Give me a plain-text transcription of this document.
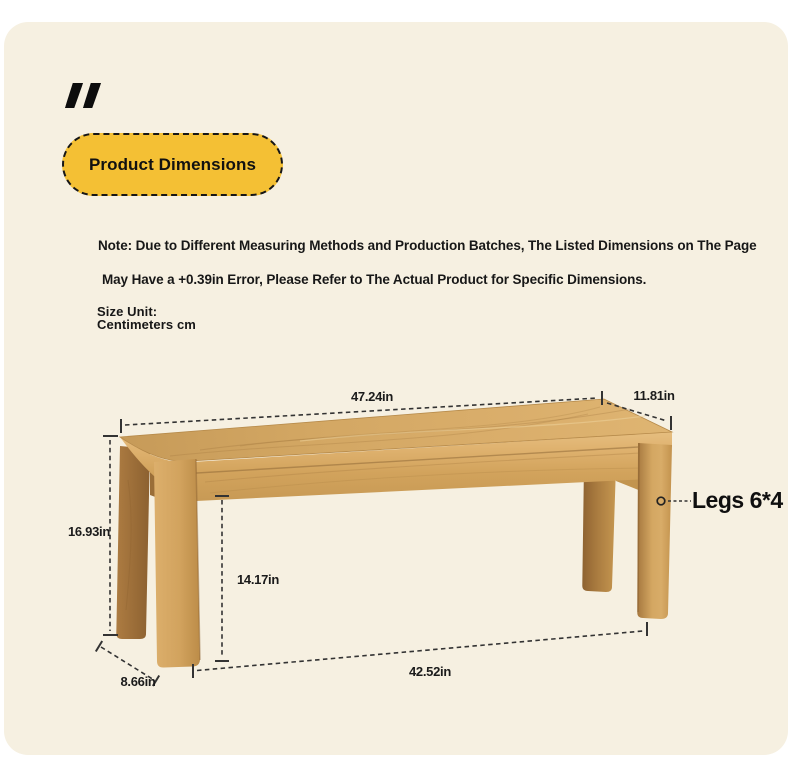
Product Dimensions
Note: Due to Different Measuring Methods and Production Batches, The Listed Dimensions on The Page
May Have a +0.39in Error, Please Refer to The Actual Product for Specific Dimensions.
Size Unit:
Centimeters cm
47.24in	11.81in
16.93in
14.17in
8.66in
42.52in
Legs 6*4
